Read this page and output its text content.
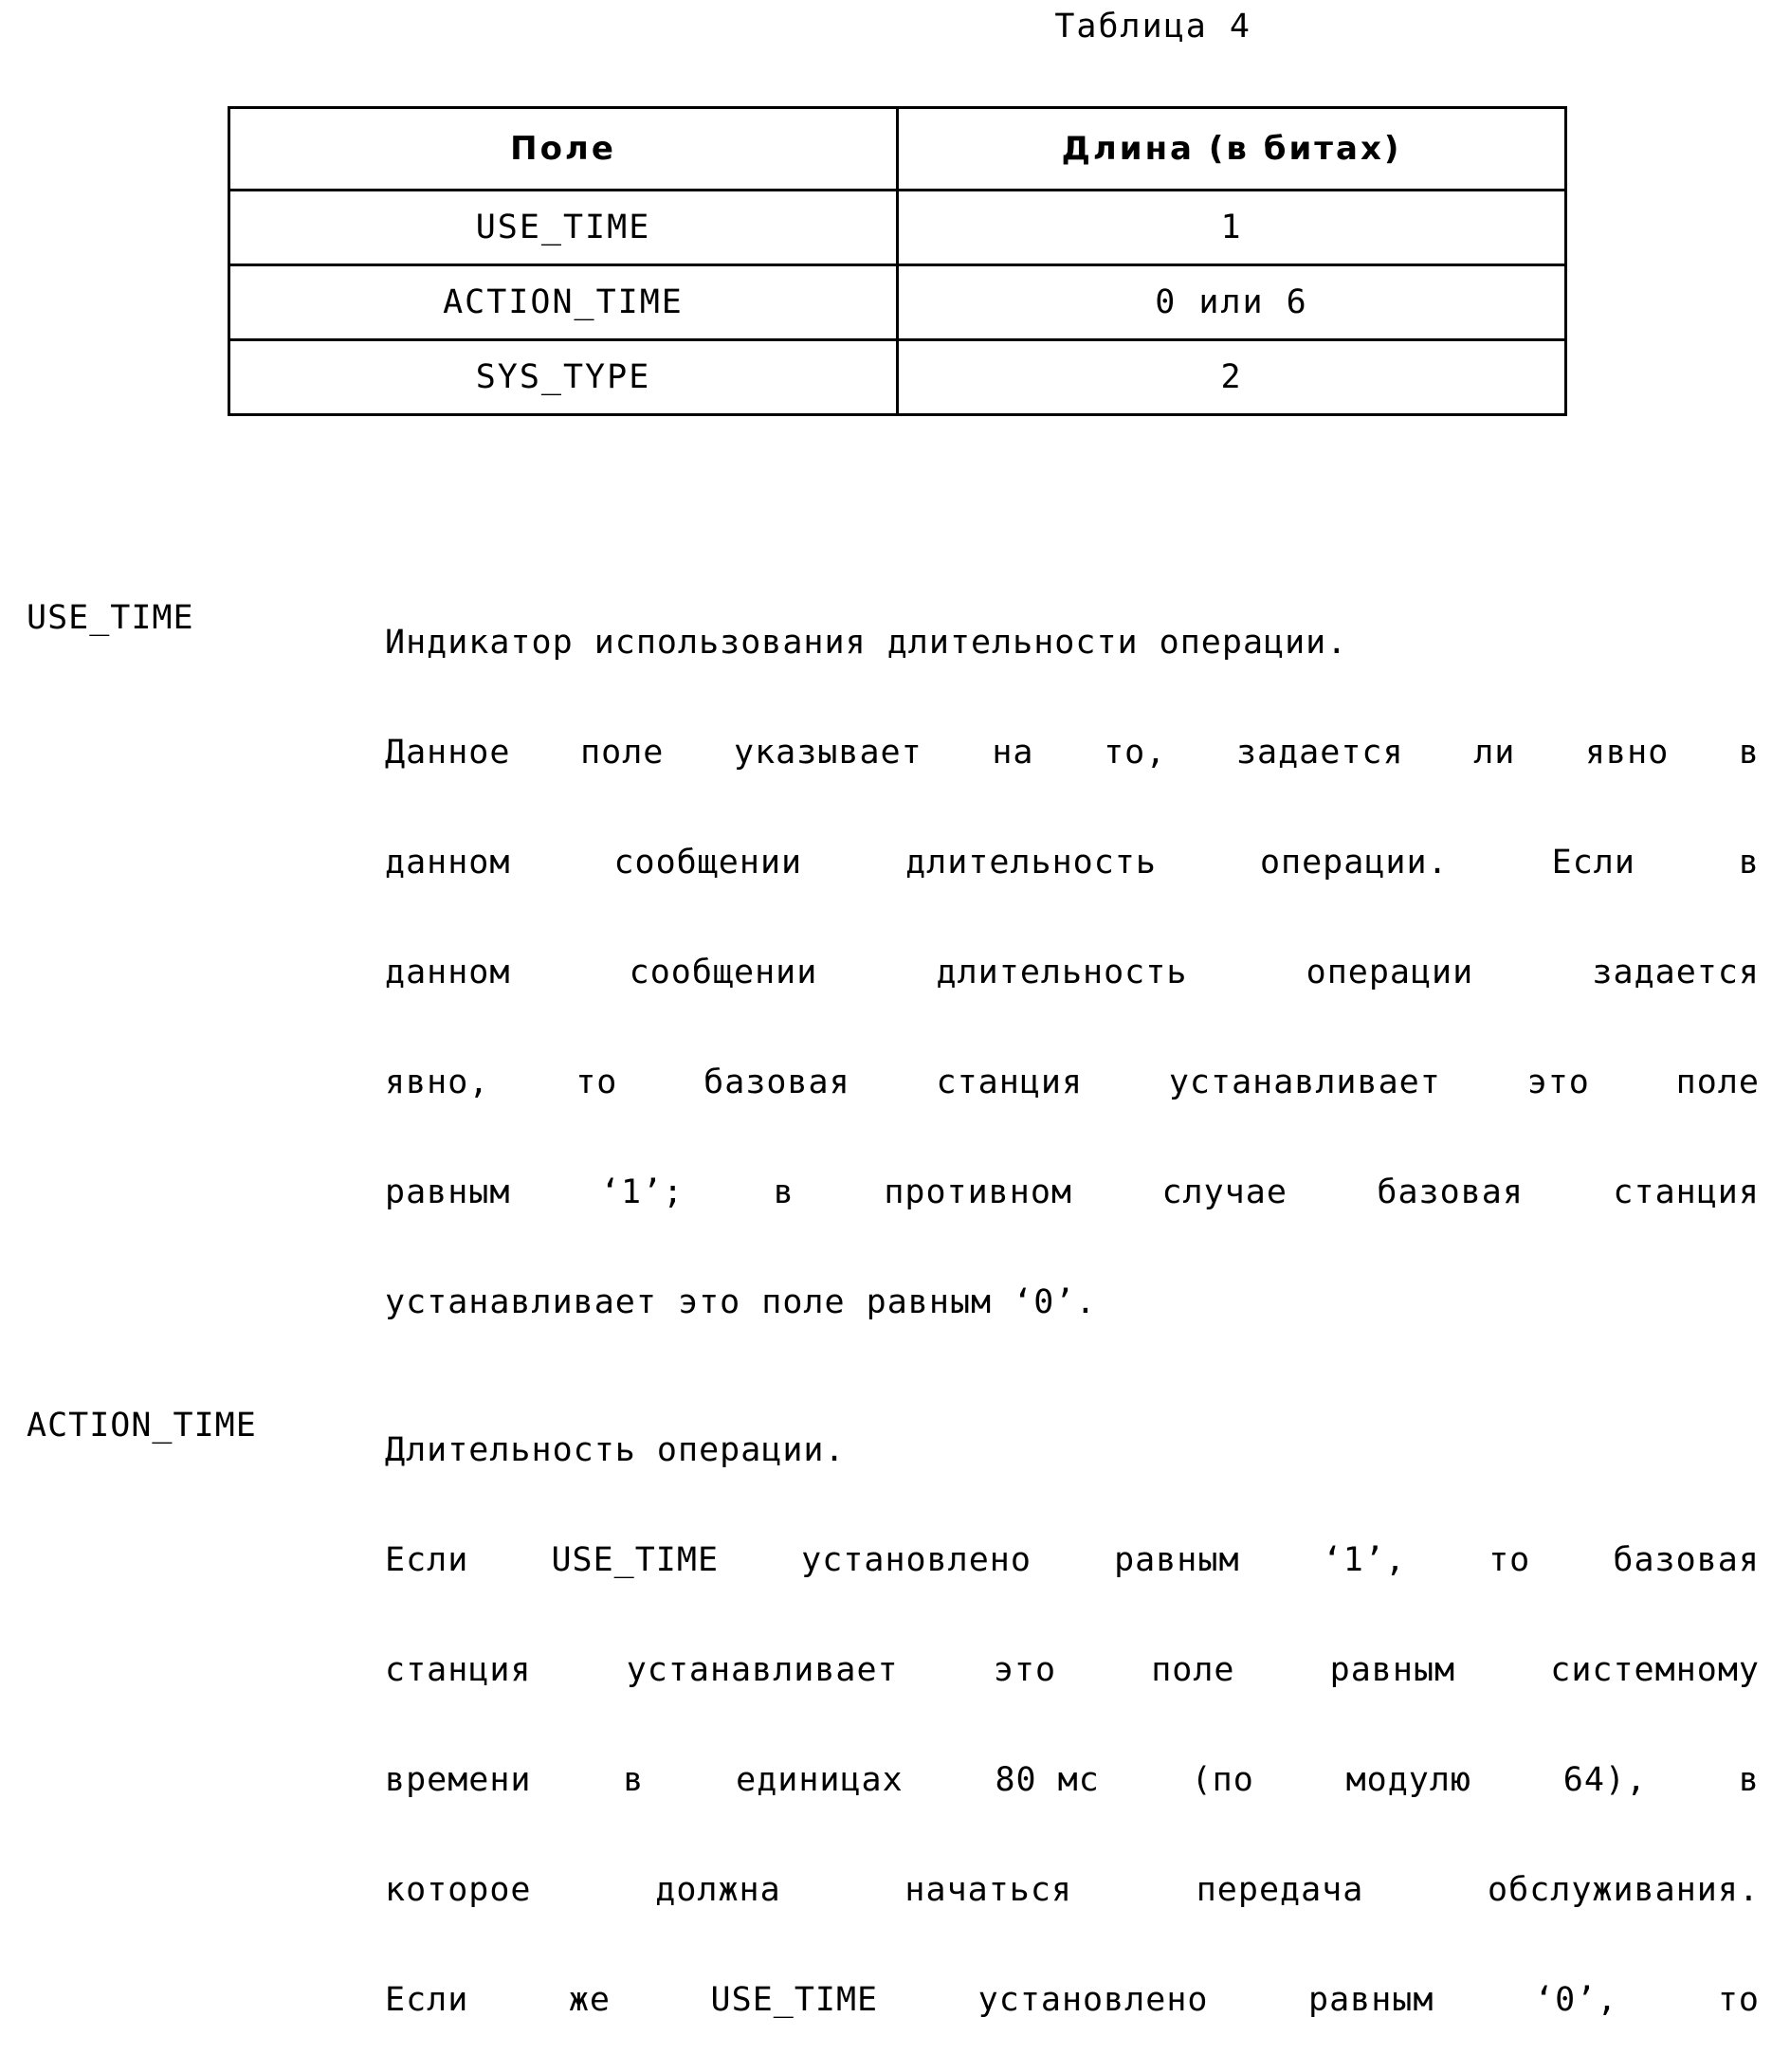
Таблица 4
Поле	Длина (в битах)
USE_TIME	1
ACTION_TIME	0 или 6
SYS_TYPE	2
USE_TIME
Индикатор использования длительности операции.
Данное поле указывает на то, задается ли явно в
данном	сообщении	длительность	операции.	Если	в
данном	сообщении	длительность	операции	задается
явно,	то	базовая	станция	устанавливает	это	поле
равным	‘1’;	в	противном	случае	базовая	станция
устанавливает это поле равным ‘0’.
ACTION_TIME
Длительность операции.
Если USE_TIME установлено равным ‘1’, то базовая
станция	устанавливает	это	поле	равным	системному
времени	в	единицах	80 мс	(по	модулю	64),	в
которое	должна	начаться	передача	обслуживания.
Если	же	USE_TIME	установлено	равным	‘0’,	то
